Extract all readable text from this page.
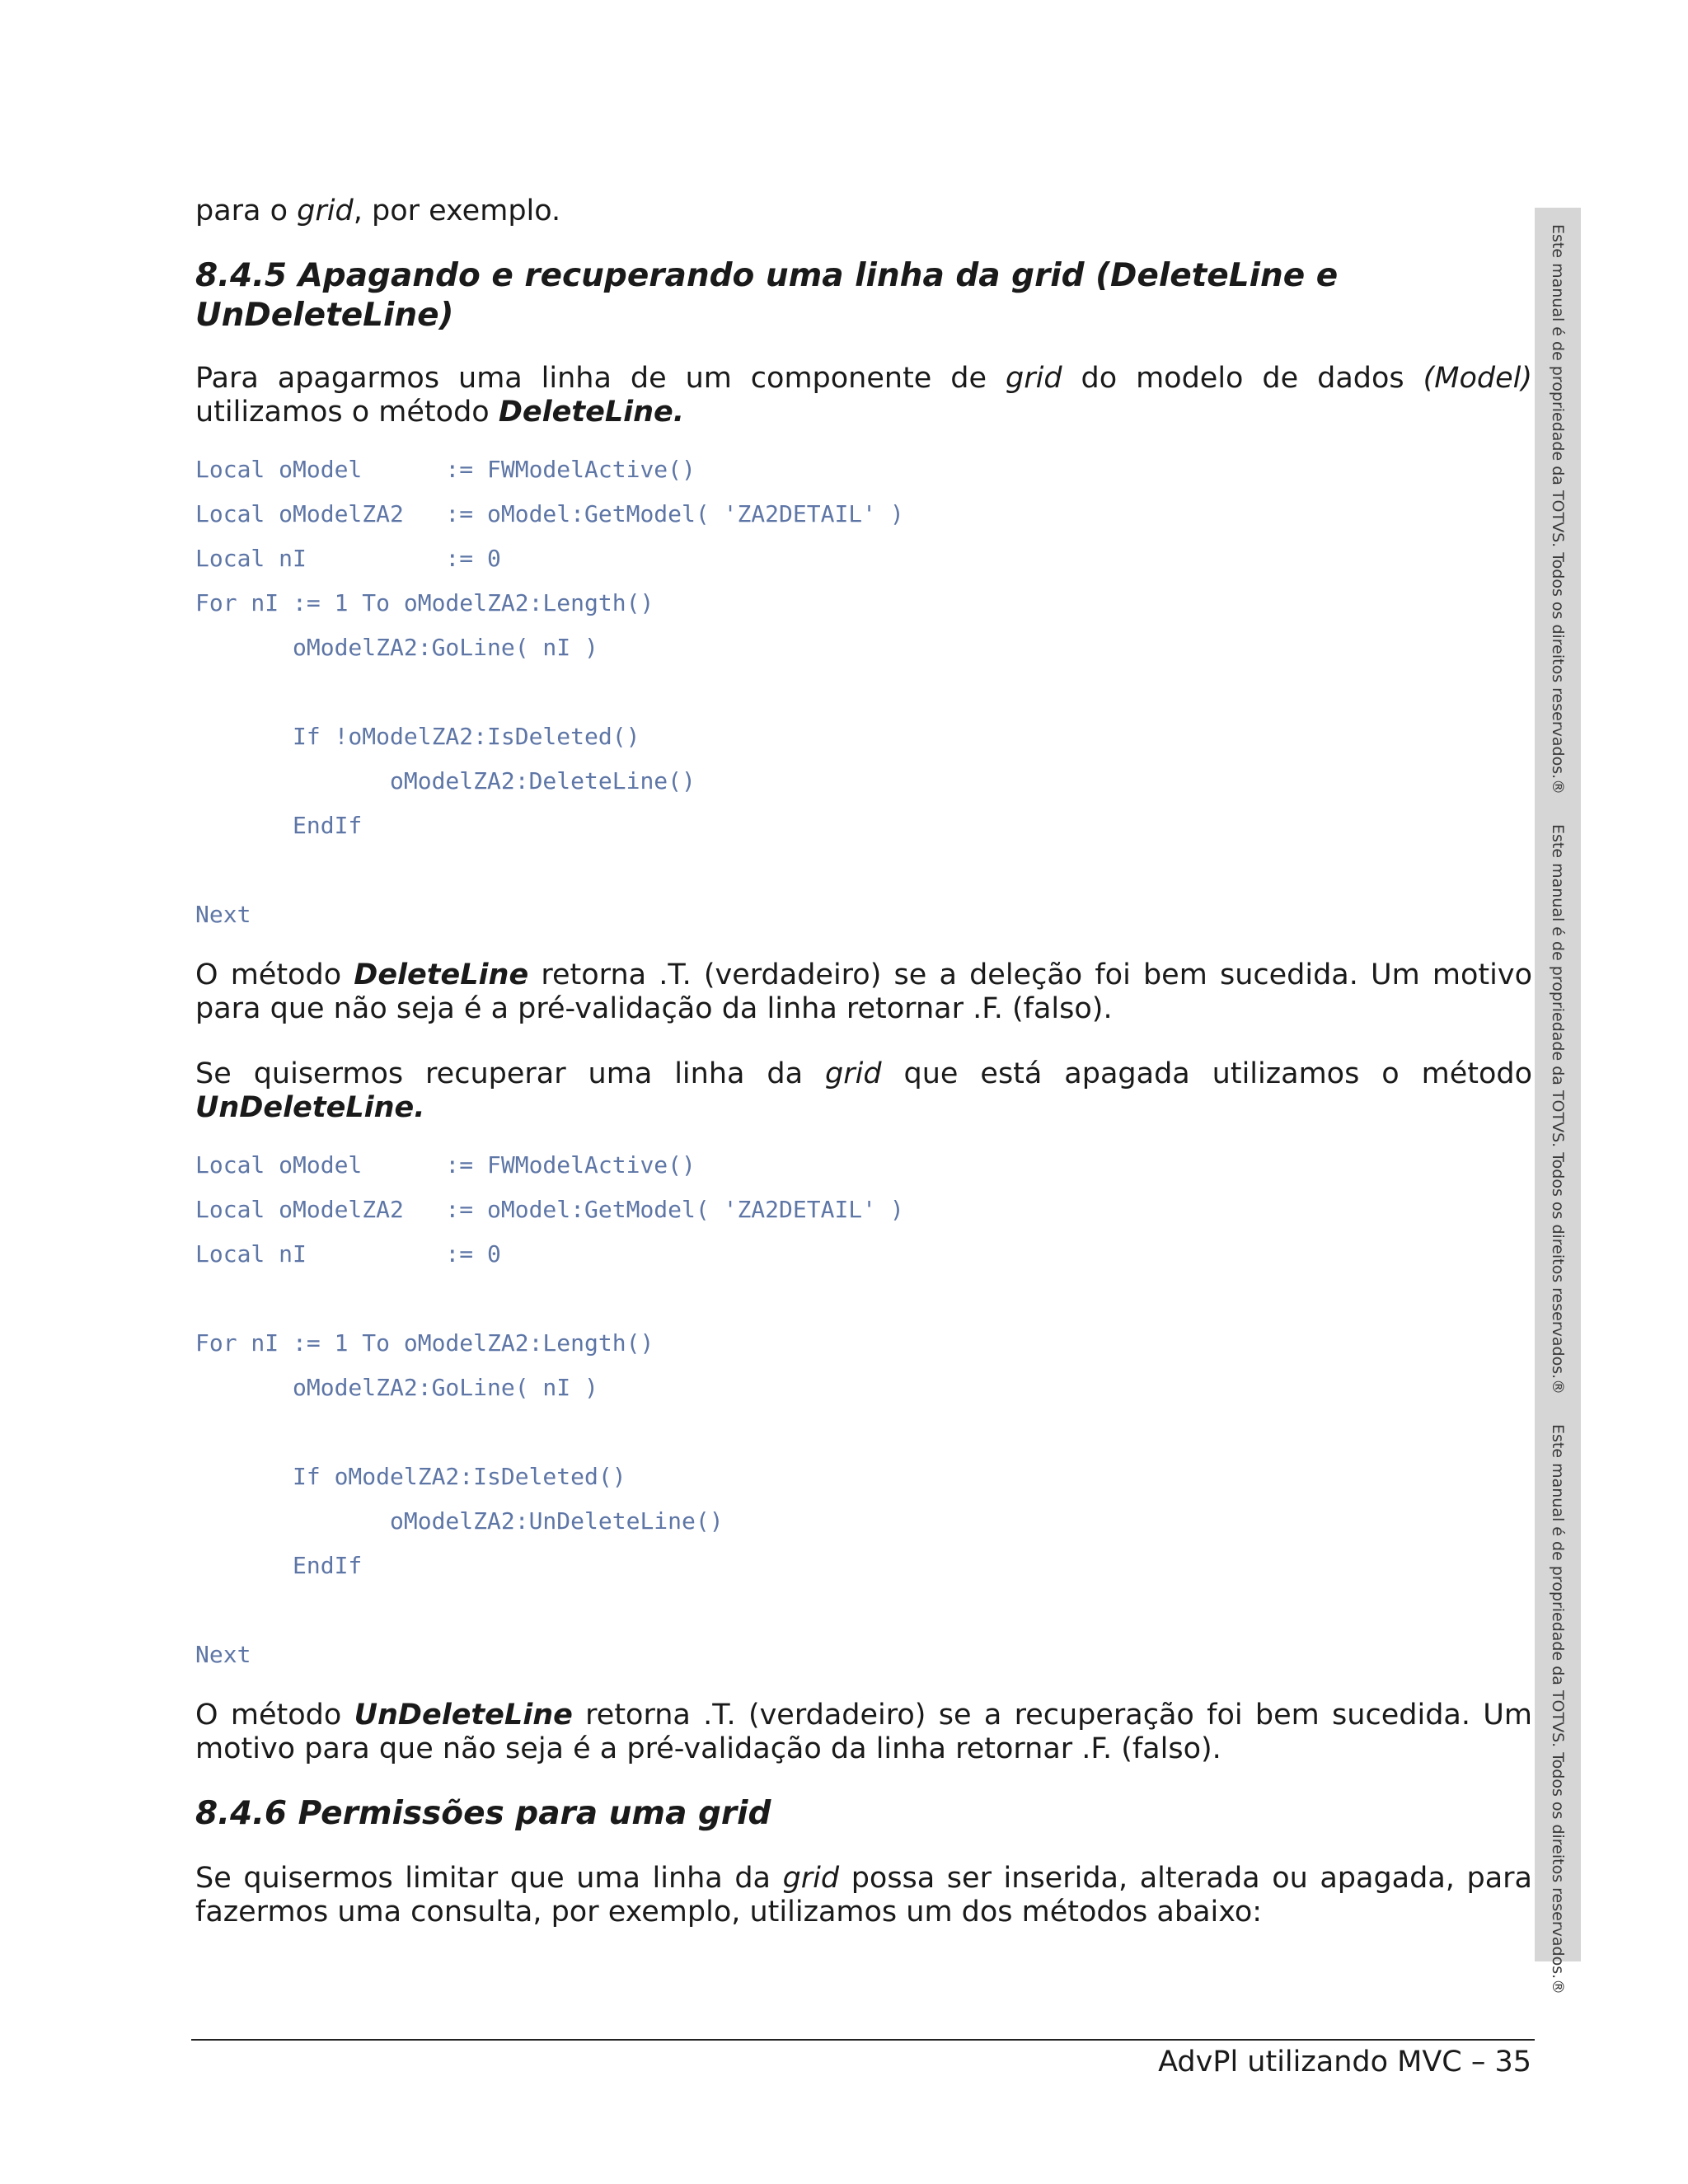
para o grid, por exemplo.

8.4.5 Apagando e recuperando uma linha da grid (DeleteLine e UnDeleteLine)

Para apagarmos uma linha de um componente de grid do modelo de dados (Model) utilizamos o método DeleteLine.

Local oModel      := FWModelActive()
Local oModelZA2   := oModel:GetModel( 'ZA2DETAIL' )
Local nI          := 0
For nI := 1 To oModelZA2:Length()
oModelZA2:GoLine( nI )
If !oModelZA2:IsDeleted()
oModelZA2:DeleteLine()
EndIf
Next

O método DeleteLine retorna .T. (verdadeiro) se a deleção foi bem sucedida. Um motivo para que não seja é a pré-validação da linha retornar .F. (falso).

Se quisermos recuperar uma linha da grid que está apagada utilizamos o método
UnDeleteLine.

Local oModel      := FWModelActive()
Local oModelZA2   := oModel:GetModel( 'ZA2DETAIL' )
Local nI          := 0
For nI := 1 To oModelZA2:Length()
oModelZA2:GoLine( nI )
If oModelZA2:IsDeleted()
oModelZA2:UnDeleteLine()
EndIf
Next

O método UnDeleteLine retorna .T. (verdadeiro) se a recuperação foi bem sucedida. Um motivo para que não seja é a pré-validação da linha retornar .F. (falso).

8.4.6 Permissões para uma grid

Se quisermos limitar que uma linha da grid possa ser inserida, alterada ou apagada, para fazermos uma consulta, por exemplo, utilizamos um dos métodos abaixo:

Este manual é de propriedade da TOTVS. Todos os direitos reservados.®
Este manual é de propriedade da TOTVS. Todos os direitos reservados.®
Este manual é de propriedade da TOTVS. Todos os direitos reservados.®
AdvPl utilizando MVC – 35
